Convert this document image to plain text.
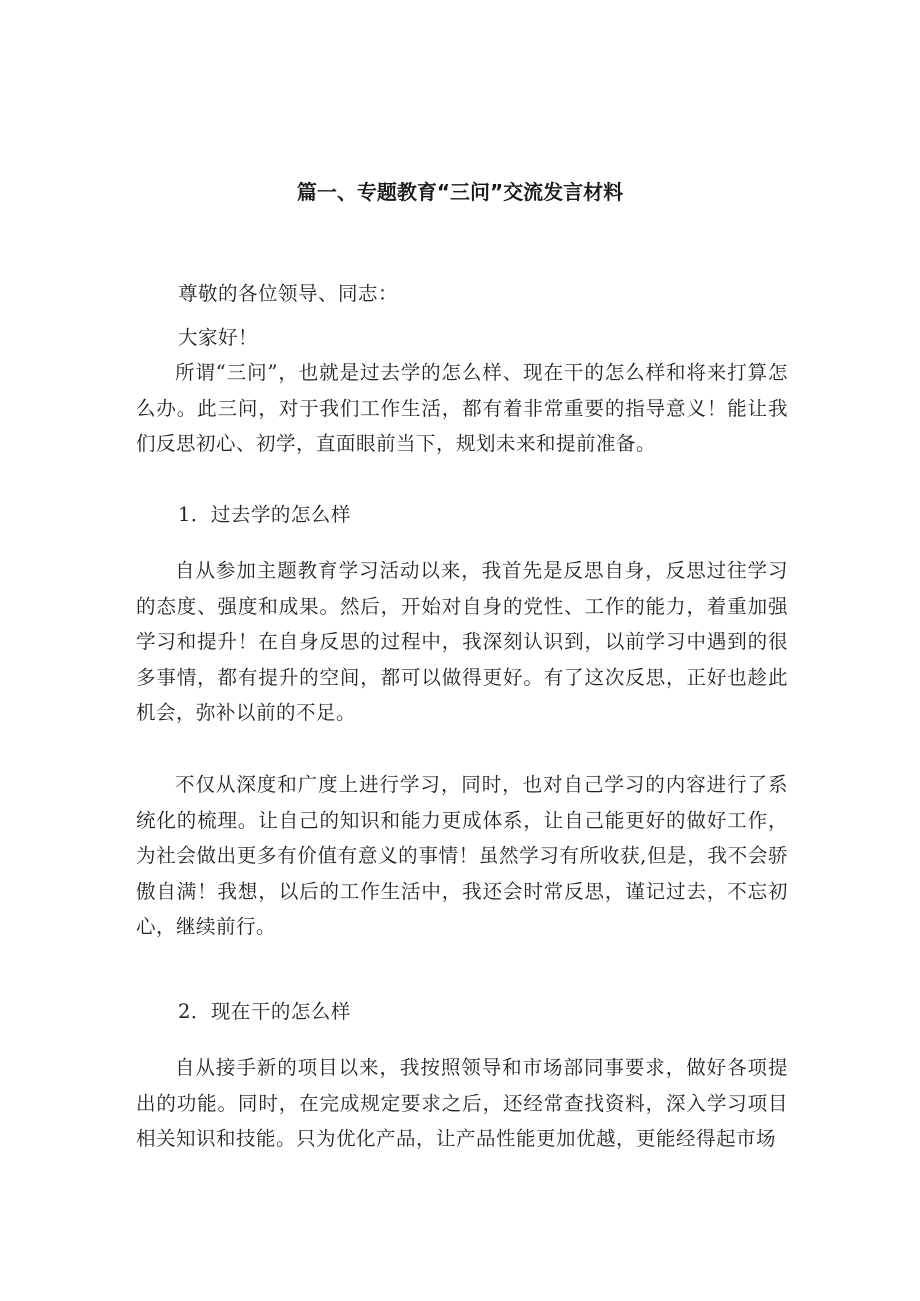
篇一、专题教育“三问”交流发言材料
尊敬的各位领导、同志：
大家好！

所谓“三问”，也就是过去学的怎么样、现在干的怎么样和将来打算怎么办。此三问，对于我们工作生活，都有着非常重要的指导意义！能让我们反思初心、初学，直面眼前当下，规划未来和提前准备。

1．过去学的怎么样

自从参加主题教育学习活动以来，我首先是反思自身，反思过往学习的态度、强度和成果。然后，开始对自身的党性、工作的能力，着重加强学习和提升！在自身反思的过程中，我深刻认识到，以前学习中遇到的很多事情，都有提升的空间，都可以做得更好。有了这次反思，正好也趁此机会，弥补以前的不足。

不仅从深度和广度上进行学习，同时，也对自己学习的内容进行了系统化的梳理。让自己的知识和能力更成体系，让自己能更好的做好工作，为社会做出更多有价值有意义的事情！虽然学习有所收获,但是，我不会骄傲自满！我想，以后的工作生活中，我还会时常反思，谨记过去，不忘初心，继续前行。

2．现在干的怎么样

自从接手新的项目以来，我按照领导和市场部同事要求，做好各项提出的功能。同时，在完成规定要求之后，还经常查找资料，深入学习项目相关知识和技能。只为优化产品，让产品性能更加优越，更能经得起市场
